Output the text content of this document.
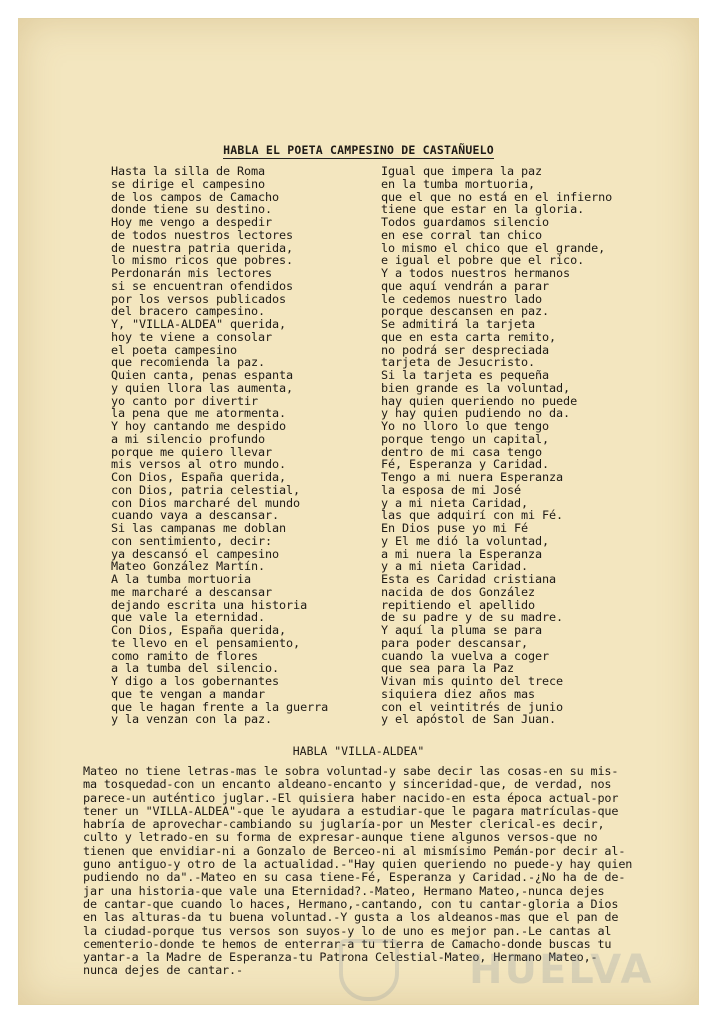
HABLA EL POETA CAMPESINO DE CASTAÑUELO
Hasta la silla de Roma
se dirige el campesino
de los campos de Camacho
donde tiene su destino.
Hoy me vengo a despedir
de todos nuestros lectores
de nuestra patria querida,
lo mismo ricos que pobres.
Perdonarán mis lectores
si se encuentran ofendidos
por los versos publicados
del bracero campesino.
Y, "VILLA-ALDEA" querida,
hoy te viene a consolar
el poeta campesino
que recomienda la paz.
Quien canta, penas espanta
y quien llora las aumenta,
yo canto por divertir
la pena que me atormenta.
Y hoy cantando me despido
a mi silencio profundo
porque me quiero llevar
mis versos al otro mundo.
Con Dios, España querida,
con Dios, patria celestial,
con Dios marcharé del mundo
cuando vaya a descansar.
Si las campanas me doblan
con sentimiento, decir:
ya descansó el campesino
Mateo González Martín.
A la tumba mortuoria
me marcharé a descansar
dejando escrita una historia
que vale la eternidad.
Con Dios, España querida,
te llevo en el pensamiento,
como ramito de flores
a la tumba del silencio.
Y digo a los gobernantes
que te vengan a mandar
que le hagan frente a la guerra
y la venzan con la paz.
Igual que impera la paz
en la tumba mortuoria,
que el que no está en el infierno
tiene que estar en la gloria.
Todos guardamos silencio
en ese corral tan chico
lo mismo el chico que el grande,
e igual el pobre que el rico.
Y a todos nuestros hermanos
que aquí vendrán a parar
le cedemos nuestro lado
porque descansen en paz.
Se admitirá la tarjeta
que en esta carta remito,
no podrá ser despreciada
tarjeta de Jesucristo.
Si la tarjeta es pequeña
bien grande es la voluntad,
hay quien queriendo no puede
y hay quien pudiendo no da.
Yo no lloro lo que tengo
porque tengo un capital,
dentro de mi casa tengo
Fé, Esperanza y Caridad.
Tengo a mi nuera Esperanza
la esposa de mi José
y a mi nieta Caridad,
las que adquirí con mi Fé.
En Dios puse yo mi Fé
y El me dió la voluntad,
a mi nuera la Esperanza
y a mi nieta Caridad.
Esta es Caridad cristiana
nacida de dos González
repitiendo el apellido
de su padre y de su madre.
Y aquí la pluma se para
para poder descansar,
cuando la vuelva a coger
que sea para la Paz
Vivan mis quinto del trece
siquiera diez años mas
con el veintitrés de junio
y el apóstol de San Juan.
HABLA "VILLA-ALDEA"
Mateo no tiene letras-mas le sobra voluntad-y sabe decir las cosas-en su mis-
ma tosquedad-con un encanto aldeano-encanto y sinceridad-que, de verdad, nos
parece-un auténtico juglar.-El quisiera haber nacido-en esta época actual-por
tener un "VILLA-ALDEA"-que le ayudara a estudiar-que le pagara matrículas-que
habría de aprovechar-cambiando su juglaría-por un Mester clerical-es decir,
culto y letrado-en su forma de expresar-aunque tiene algunos versos-que no
tienen que envidiar-ni a Gonzalo de Berceo-ni al mismísimo Pemán-por decir al-
guno antiguo-y otro de la actualidad.-"Hay quien queriendo no puede-y hay quien
pudiendo no da".-Mateo en su casa tiene-Fé, Esperanza y Caridad.-¿No ha de de-
jar una historia-que vale una Eternidad?.-Mateo, Hermano Mateo,-nunca dejes
de cantar-que cuando lo haces, Hermano,-cantando, con tu cantar-gloria a Dios
en las alturas-da tu buena voluntad.-Y gusta a los aldeanos-mas que el pan de
la ciudad-porque tus versos son suyos-y lo de uno es mejor pan.-Le cantas al
cementerio-donde te hemos de enterrar-a tu tierra de Camacho-donde buscas tu
yantar-a la Madre de Esperanza-tu Patrona Celestial-Mateo, Hermano Mateo,-
nunca dejes de cantar.-	HUELVA
